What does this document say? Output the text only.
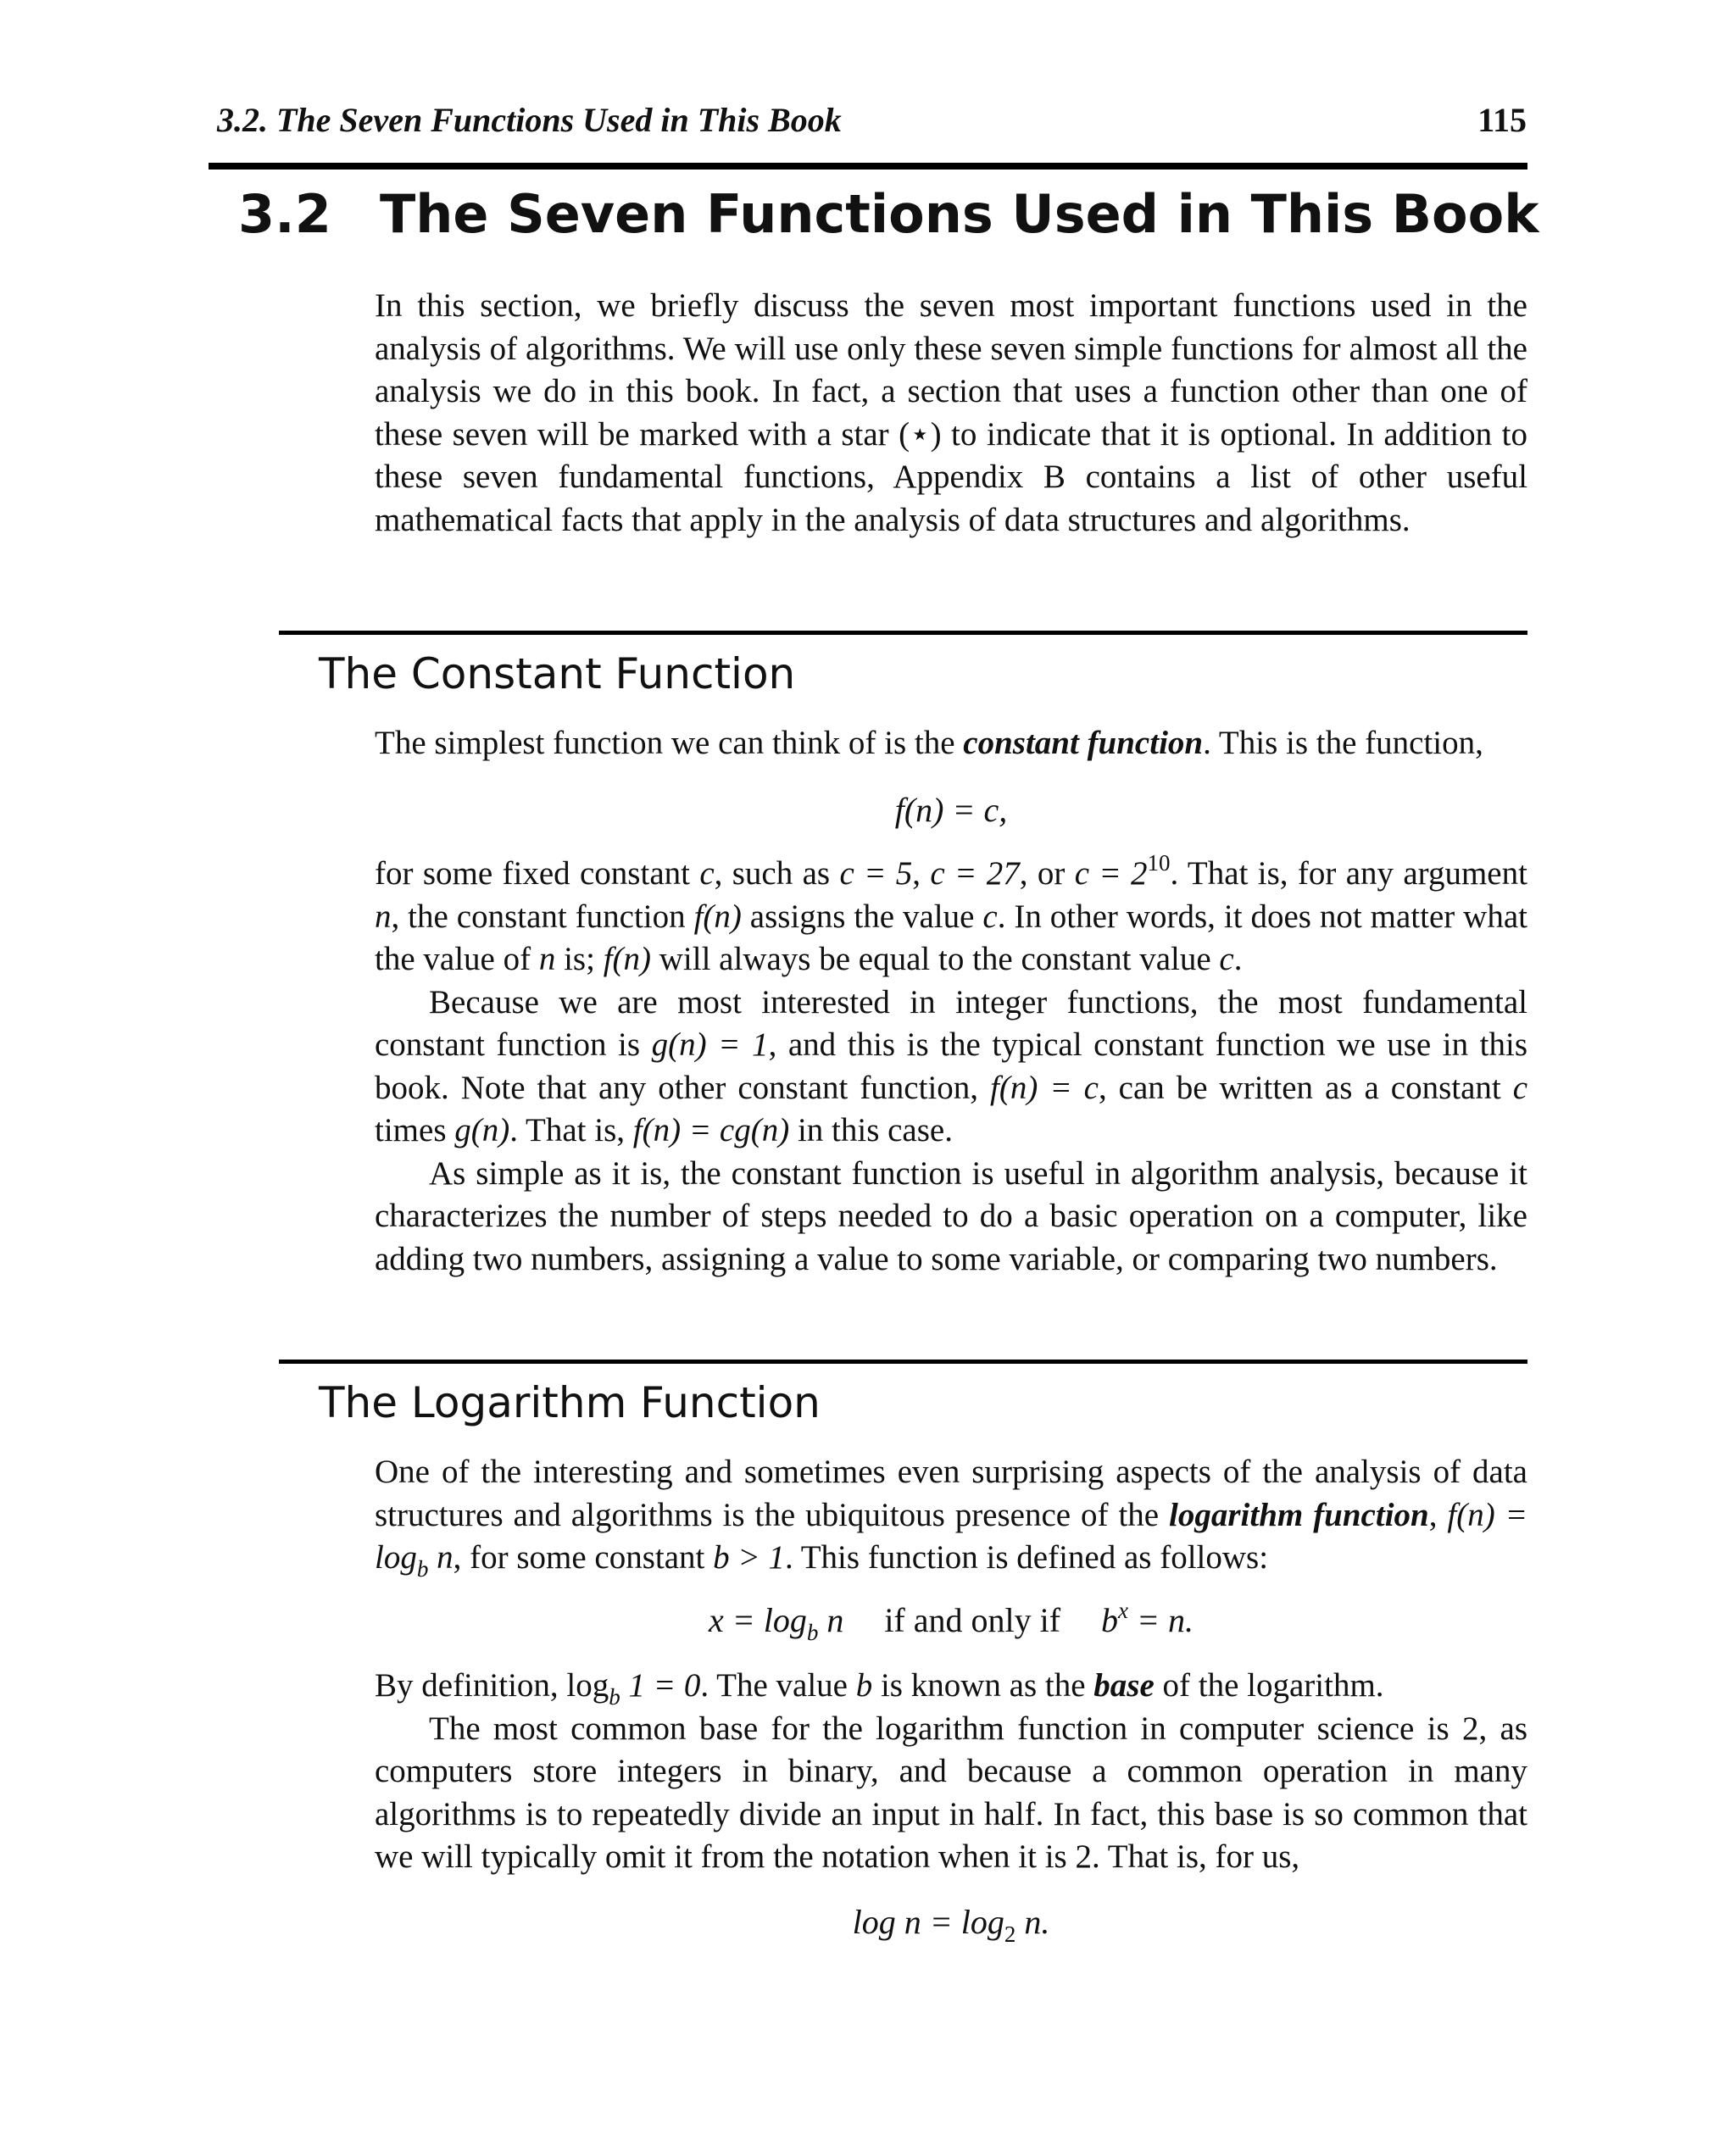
3.2. The Seven Functions Used in This Book	115
3.2 The Seven Functions Used in This Book

In this section, we briefly discuss the seven most important functions used in the analysis of algorithms. We will use only these seven simple functions for almost all the analysis we do in this book. In fact, a section that uses a function other than one of these seven will be marked with a star (⋆) to indicate that it is optional. In addition to these seven fundamental functions, Appendix B contains a list of other useful mathematical facts that apply in the analysis of data structures and algorithms.

The Constant Function

The simplest function we can think of is the constant function. This is the function,

f(n) = c,

for some fixed constant c, such as c = 5, c = 27, or $c = 2^{10}$. That is, for any argument n, the constant function f(n) assigns the value c. In other words, it does not matter what the value of n is; f(n) will always be equal to the constant value c.

Because we are most interested in integer functions, the most fundamental constant function is g(n) = 1, and this is the typical constant function we use in this book. Note that any other constant function, f(n) = c, can be written as a constant c times g(n). That is, f(n) = cg(n) in this case.

As simple as it is, the constant function is useful in algorithm analysis, because it characterizes the number of steps needed to do a basic operation on a computer, like adding two numbers, assigning a value to some variable, or comparing two numbers.

The Logarithm Function

One of the interesting and sometimes even surprising aspects of the analysis of data structures and algorithms is the ubiquitous presence of the logarithm function, $f(n) = \log_b n$, for some constant b > 1. This function is defined as follows:

$x = \log_b n$ if and only if $b^x = n$.

By definition, $\log_b 1 = 0$. The value b is known as the base of the logarithm.

The most common base for the logarithm function in computer science is 2, as computers store integers in binary, and because a common operation in many algorithms is to repeatedly divide an input in half. In fact, this base is so common that we will typically omit it from the notation when it is 2. That is, for us,

$\log n = \log_2 n$.
